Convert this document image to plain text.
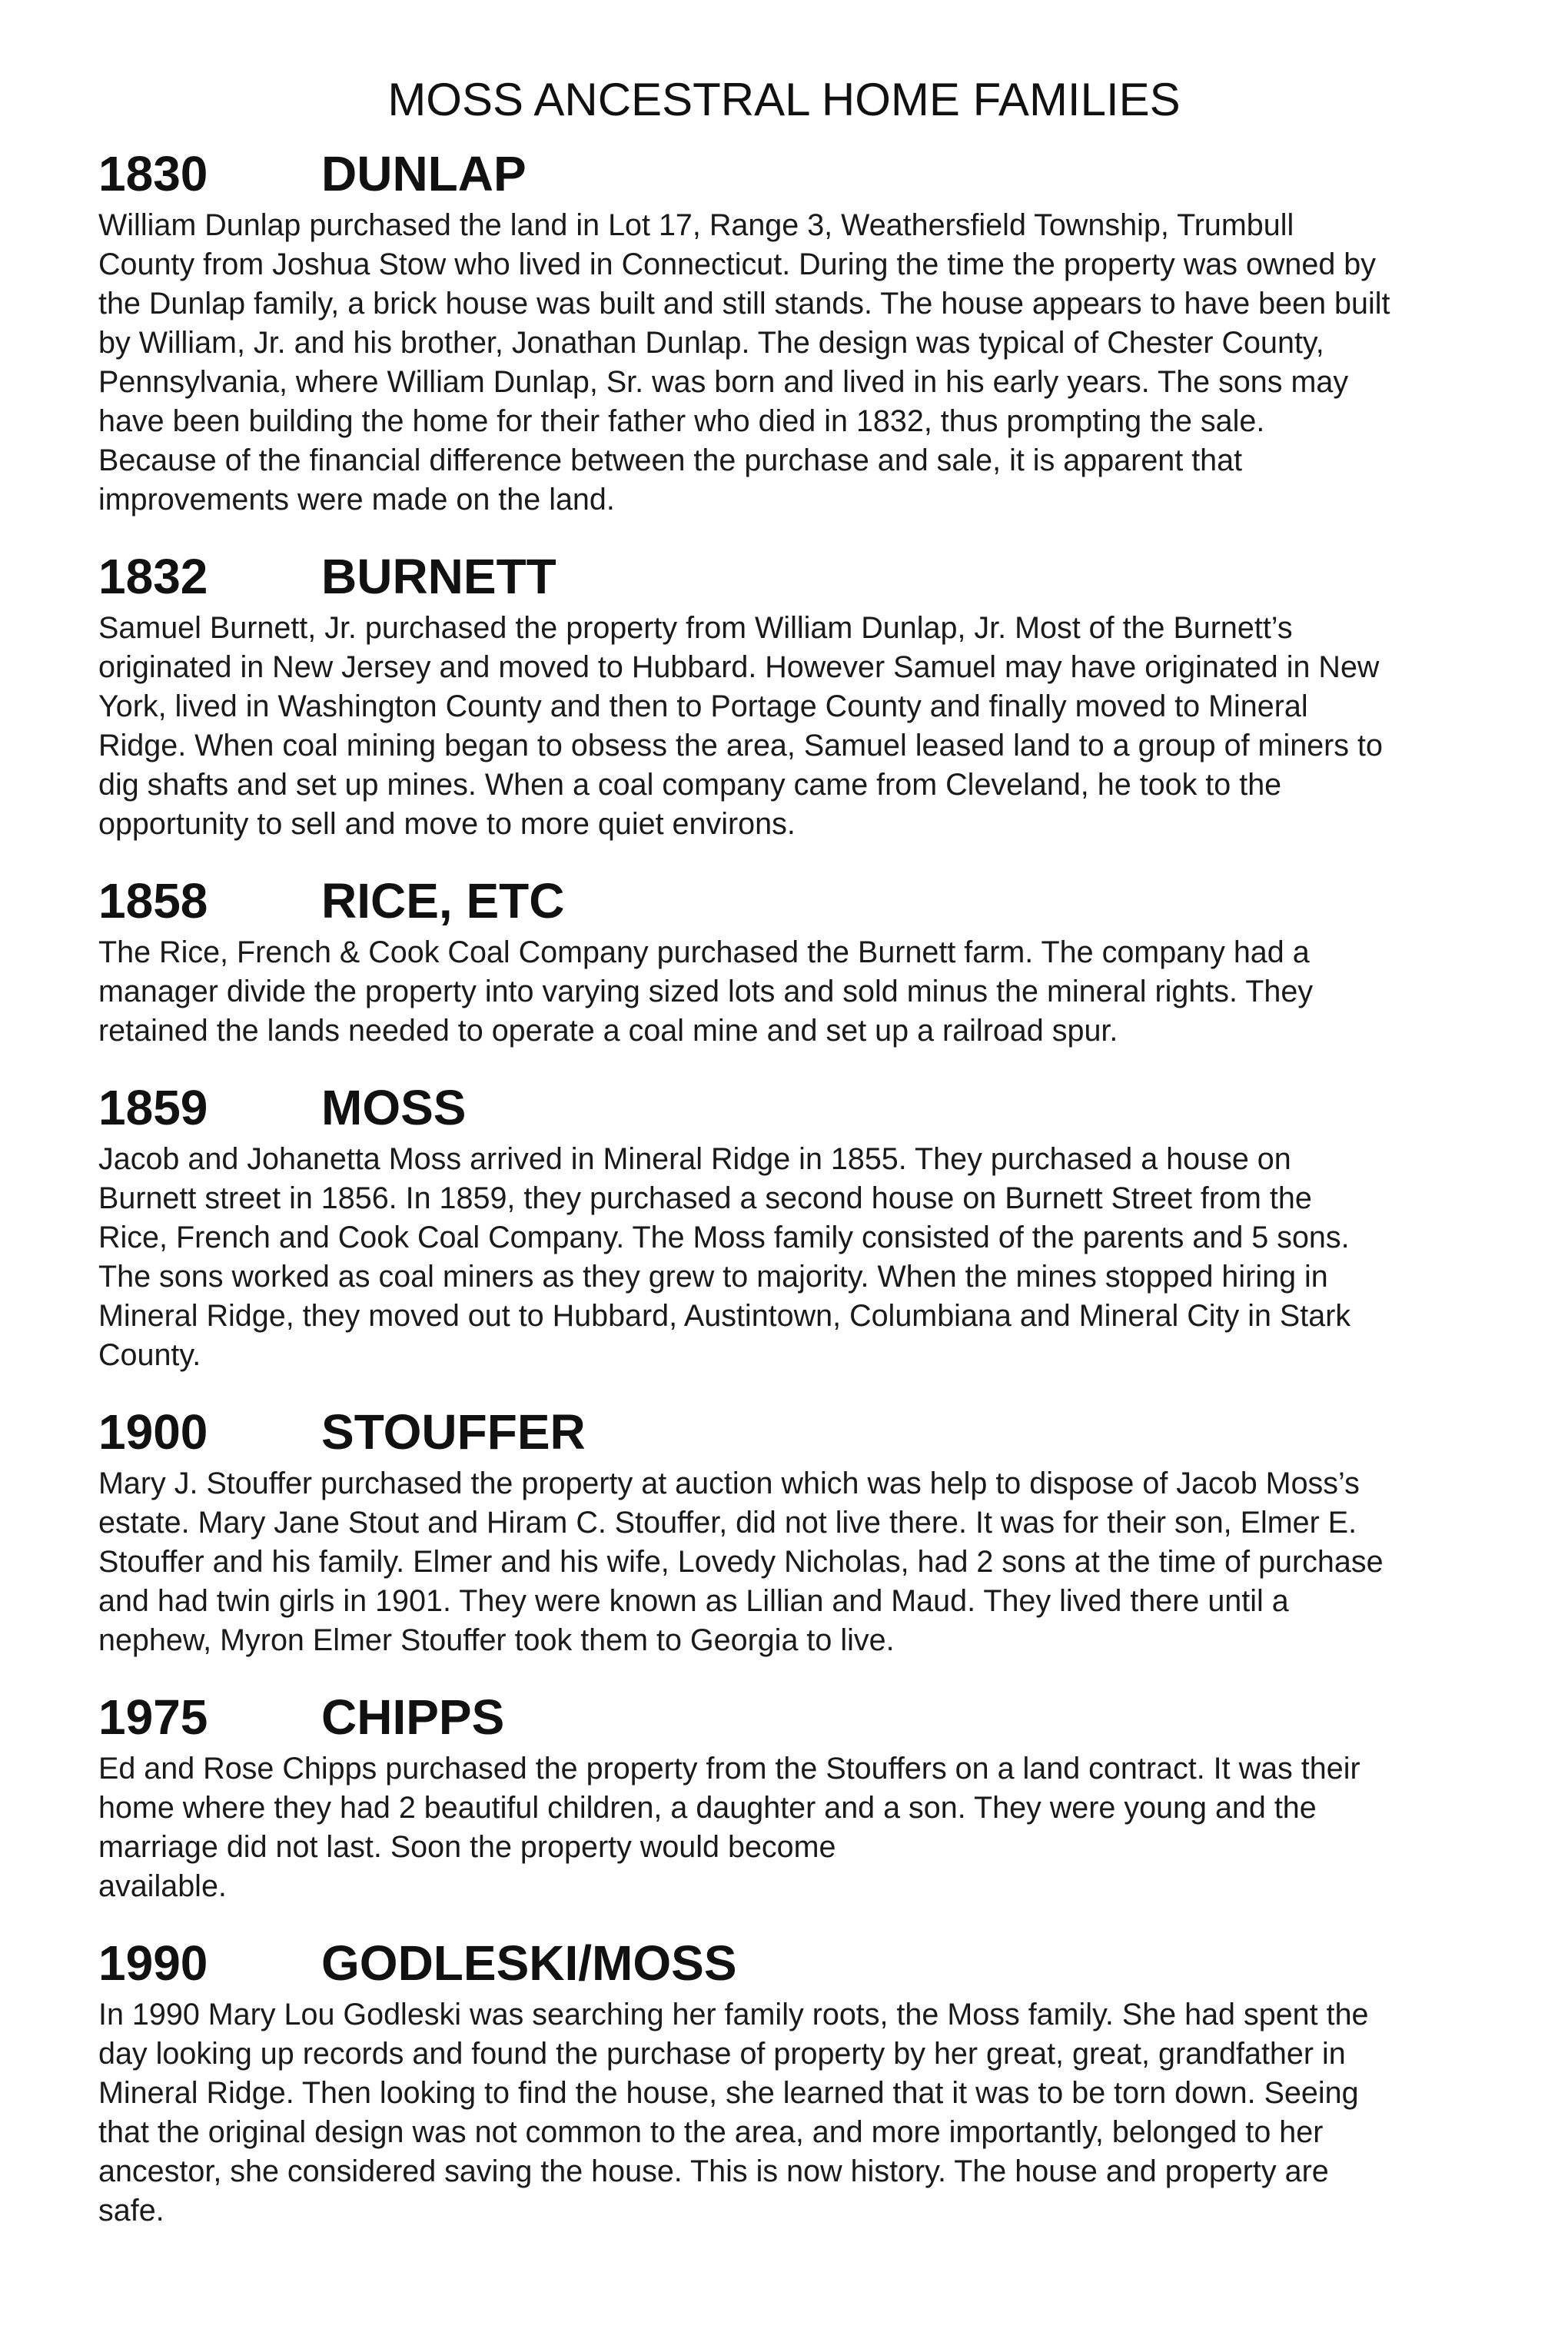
MOSS ANCESTRAL HOME FAMILIES
1830	DUNLAP

William Dunlap purchased the land in Lot 17, Range 3, Weathersfield Township, Trumbull
County from Joshua Stow who lived in Connecticut. During the time the property was owned by
the Dunlap family, a brick house was built and still stands. The house appears to have been built
by William, Jr. and his brother, Jonathan Dunlap. The design was typical of Chester County,
Pennsylvania, where William Dunlap, Sr. was born and lived in his early years. The sons may
have been building the home for their father who died in 1832, thus prompting the sale.
Because of the financial difference between the purchase and sale, it is apparent that
improvements were made on the land.

1832	BURNETT

Samuel Burnett, Jr. purchased the property from William Dunlap, Jr. Most of the Burnett’s
originated in New Jersey and moved to Hubbard. However Samuel may have originated in New
York, lived in Washington County and then to Portage County and finally moved to Mineral
Ridge. When coal mining began to obsess the area, Samuel leased land to a group of miners to
dig shafts and set up mines. When a coal company came from Cleveland, he took to the
opportunity to sell and move to more quiet environs.

1858	RICE, ETC

The Rice, French & Cook Coal Company purchased the Burnett farm. The company had a
manager divide the property into varying sized lots and sold minus the mineral rights. They
retained the lands needed to operate a coal mine and set up a railroad spur.

1859	MOSS

Jacob and Johanetta Moss arrived in Mineral Ridge in 1855. They purchased a house on
Burnett street in 1856. In 1859, they purchased a second house on Burnett Street from the
Rice, French and Cook Coal Company. The Moss family consisted of the parents and 5 sons.
The sons worked as coal miners as they grew to majority. When the mines stopped hiring in
Mineral Ridge, they moved out to Hubbard, Austintown, Columbiana and Mineral City in Stark
County.

1900	STOUFFER

Mary J. Stouffer purchased the property at auction which was help to dispose of Jacob Moss’s
estate. Mary Jane Stout and Hiram C. Stouffer, did not live there. It was for their son, Elmer E.
Stouffer and his family. Elmer and his wife, Lovedy Nicholas, had 2 sons at the time of purchase
and had twin girls in 1901. They were known as Lillian and Maud. They lived there until a
nephew, Myron Elmer Stouffer took them to Georgia to live.

1975	CHIPPS

Ed and Rose Chipps purchased the property from the Stouffers on a land contract. It was their
home where they had 2 beautiful children, a daughter and a son. They were young and the
marriage did not last. Soon the property would become
available.

1990	GODLESKI/MOSS

In 1990 Mary Lou Godleski was searching her family roots, the Moss family. She had spent the
day looking up records and found the purchase of property by her great, great, grandfather in
Mineral Ridge. Then looking to find the house, she learned that it was to be torn down. Seeing
that the original design was not common to the area, and more importantly, belonged to her
ancestor, she considered saving the house. This is now history. The house and property are
safe.
